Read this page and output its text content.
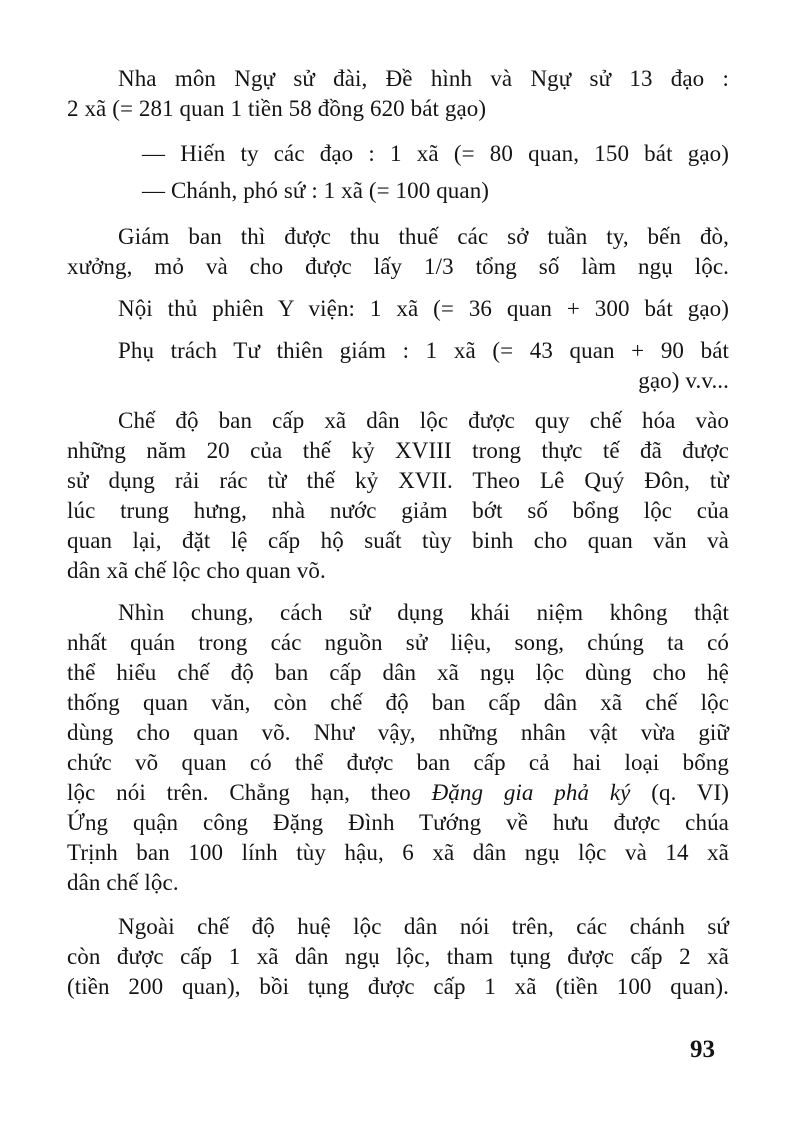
Nha môn Ngự sử đài, Đề hình và Ngự sử 13 đạo :
2 xã (= 281 quan 1 tiền 58 đồng 620 bát gạo)
— Hiến ty các đạo : 1 xã (= 80 quan, 150 bát gạo)
— Chánh, phó sứ : 1 xã (= 100 quan)
Giám ban thì được thu thuế các sở tuần ty, bến đò,
xưởng, mỏ và cho được lấy 1/3 tổng số làm ngụ lộc.
Nội thủ phiên Y viện: 1 xã (= 36 quan + 300 bát gạo)
Phụ trách Tư thiên giám : 1 xã (= 43 quan + 90 bát
gạo) v.v...
Chế độ ban cấp xã dân lộc được quy chế hóa vào
những năm 20 của thế kỷ XVIII trong thực tế đã được
sử dụng rải rác từ thế kỷ XVII. Theo Lê Quý Đôn, từ
lúc trung hưng, nhà nước giảm bớt số bổng lộc của
quan lại, đặt lệ cấp hộ suất tùy binh cho quan văn và
dân xã chế lộc cho quan võ.
Nhìn chung, cách sử dụng khái niệm không thật
nhất quán trong các nguồn sử liệu, song, chúng ta có
thể hiểu chế độ ban cấp dân xã ngụ lộc dùng cho hệ
thống quan văn, còn chế độ ban cấp dân xã chế lộc
dùng cho quan võ. Như vậy, những nhân vật vừa giữ
chức võ quan có thể được ban cấp cả hai loại bổng
lộc nói trên. Chẳng hạn, theo Đặng gia phả ký (q. VI)
Ứng quận công Đặng Đình Tướng về hưu được chúa
Trịnh ban 100 lính tùy hậu, 6 xã dân ngụ lộc và 14 xã
dân chế lộc.
Ngoài chế độ huệ lộc dân nói trên, các chánh sứ
còn được cấp 1 xã dân ngụ lộc, tham tụng được cấp 2 xã
(tiền 200 quan), bồi tụng được cấp 1 xã (tiền 100 quan).
93
